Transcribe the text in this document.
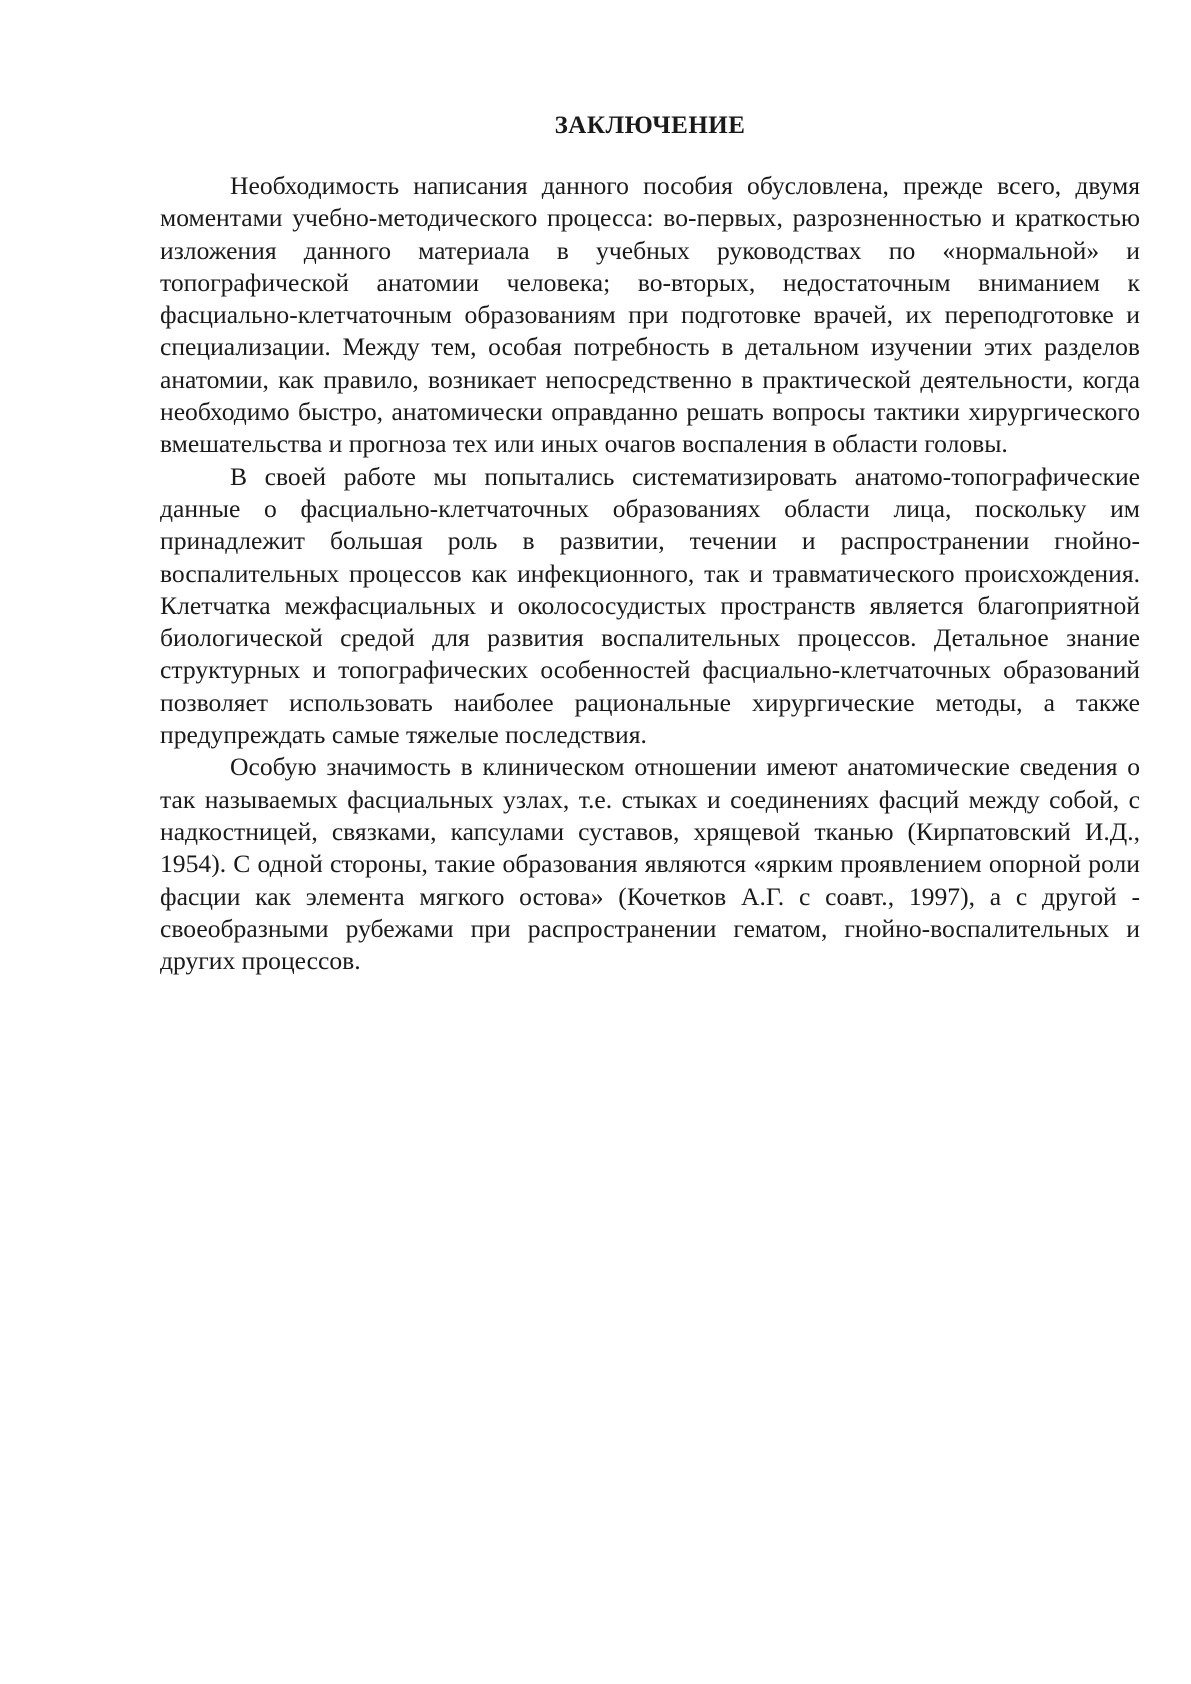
ЗАКЛЮЧЕНИЕ

Необходимость написания данного пособия обусловлена, прежде всего, двумя моментами учебно-методического процесса: во-первых, разрозненностью и краткостью изложения данного материала в учебных руководствах по «нормальной» и топографической анатомии человека; во-вторых, недостаточным вниманием к фасциально-клетчаточным образованиям при подготовке врачей, их переподготовке и специализации. Между тем, особая потребность в детальном изучении этих разделов анатомии, как правило, возникает непосредственно в практической деятельности, когда необходимо быстро, анатомически оправданно решать вопросы тактики хирургического вмешательства и прогноза тех или иных очагов воспаления в области головы.

В своей работе мы попытались систематизировать анатомо-топографические данные о фасциально-клетчаточных образованиях области лица, поскольку им принадлежит большая роль в развитии, течении и распространении гнойно-воспалительных процессов как инфекционного, так и травматического происхождения. Клетчатка межфасциальных и околососудистых пространств является благоприятной биологической средой для развития воспалительных процессов. Детальное знание структурных и топографических особенностей фасциально-клетчаточных образований позволяет использовать наиболее рациональные хирургические методы, а также предупреждать самые тяжелые последствия.

Особую значимость в клиническом отношении имеют анатомические сведения о так называемых фасциальных узлах, т.е. стыках и соединениях фасций между собой, с надкостницей, связками, капсулами суставов, хрящевой тканью (Кирпатовский И.Д., 1954). С одной стороны, такие образования являются «ярким проявлением опорной роли фасции как элемента мягкого остова» (Кочетков А.Г. с соавт., 1997), а с другой - своеобразными рубежами при распространении гематом, гнойно-воспалительных и других процессов.
